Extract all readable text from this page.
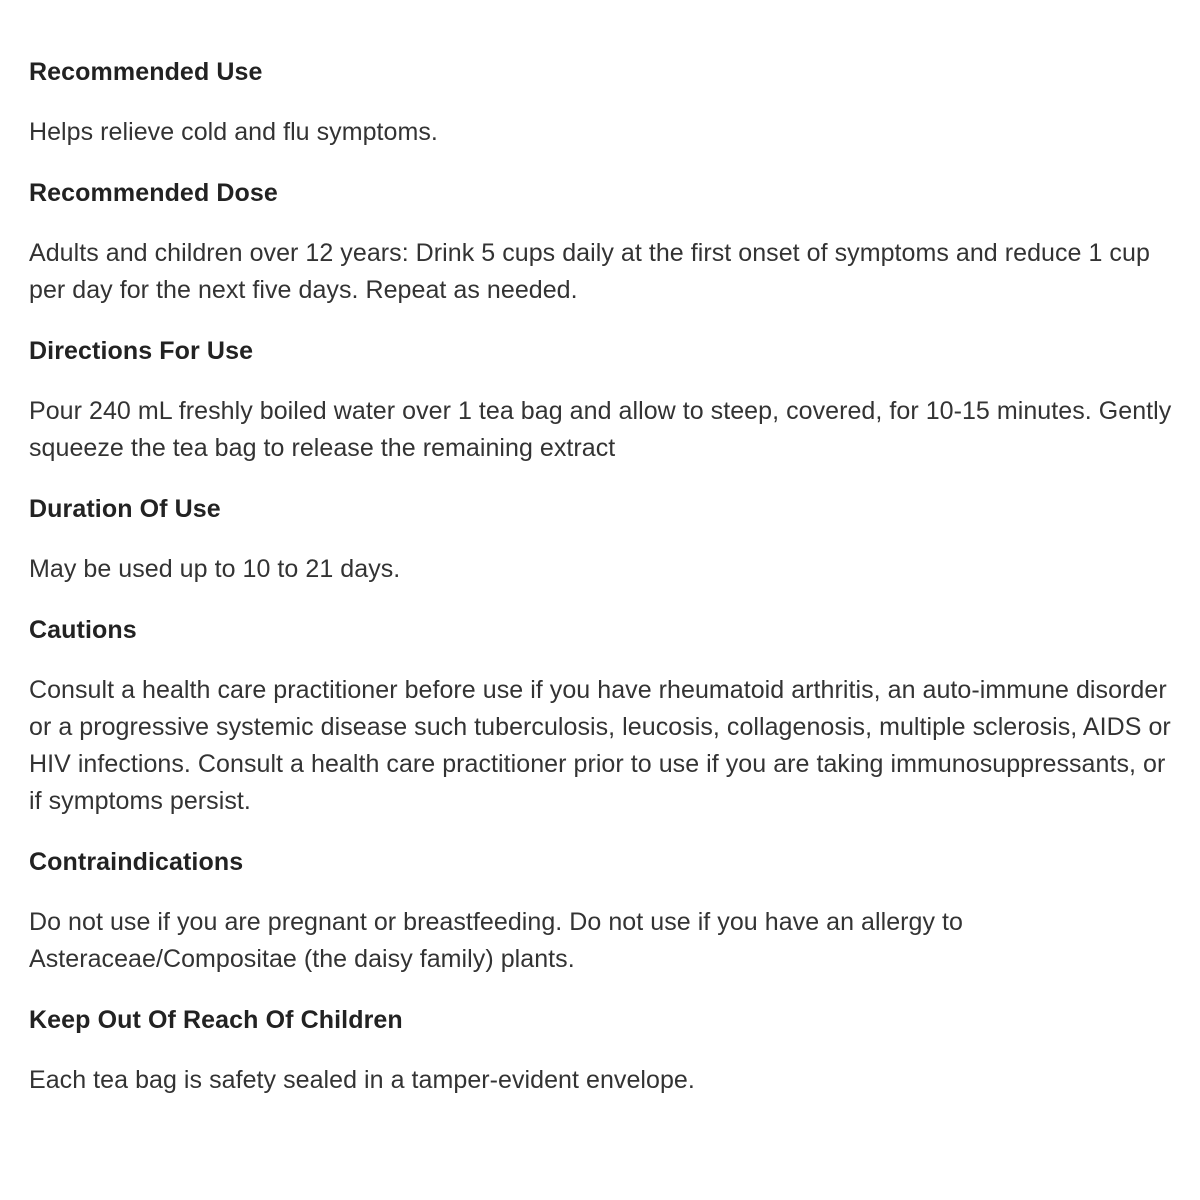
Recommended Use

Helps relieve cold and flu symptoms.

Recommended Dose

Adults and children over 12 years: Drink 5 cups daily at the first onset of symptoms and reduce 1 cup per day for the next five days. Repeat as needed.

Directions For Use

Pour 240 mL freshly boiled water over 1 tea bag and allow to steep, covered, for 10-15 minutes. Gently squeeze the tea bag to release the remaining extract

Duration Of Use

May be used up to 10 to 21 days.

Cautions

Consult a health care practitioner before use if you have rheumatoid arthritis, an auto-immune disorder or a progressive systemic disease such tuberculosis, leucosis, collagenosis, multiple sclerosis, AIDS or HIV infections. Consult a health care practitioner prior to use if you are taking immunosuppressants, or if symptoms persist.

Contraindications

Do not use if you are pregnant or breastfeeding. Do not use if you have an allergy to Asteraceae/Compositae (the daisy family) plants.

Keep Out Of Reach Of Children

Each tea bag is safety sealed in a tamper-evident envelope.
